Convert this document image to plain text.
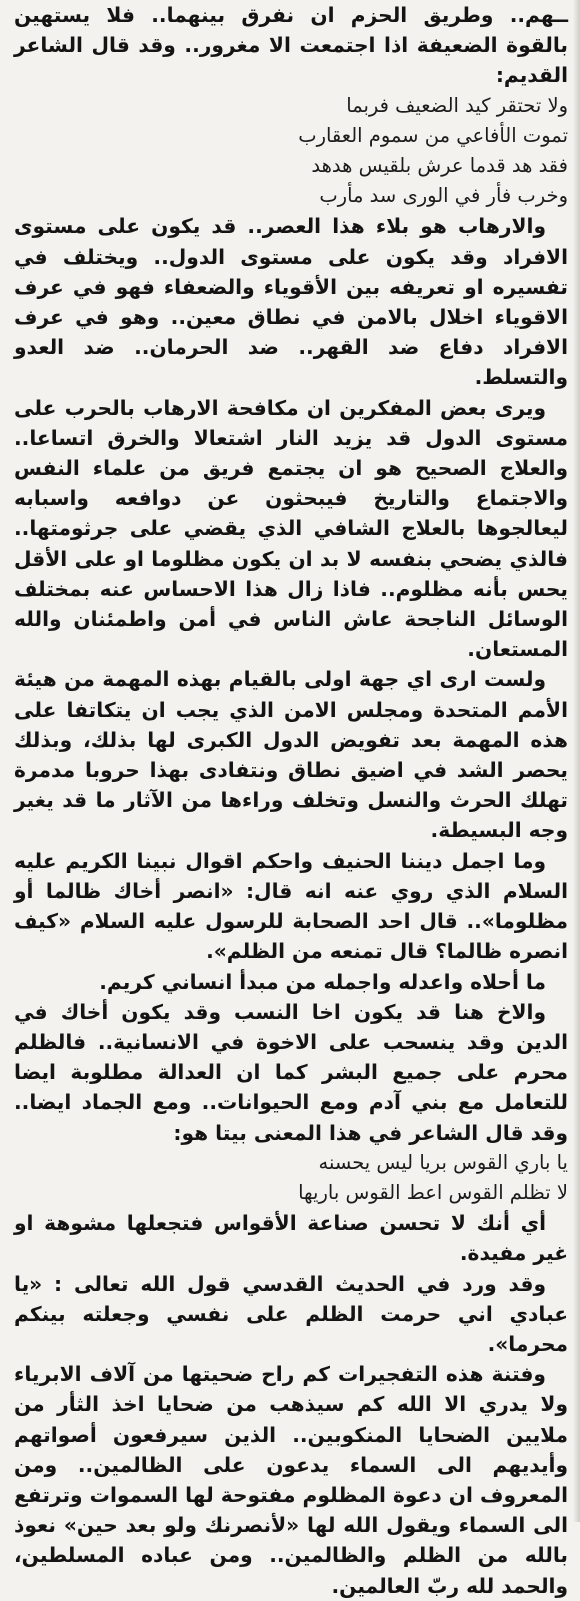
ــهم.. وطريق الحزم ان نفرق بينهما.. فلا يستهين بالقوة الضعيفة اذا اجتمعت الا مغرور.. وقد قال الشاعر القديم:

ولا تحتقر كيد الضعيف فربما

تموت الأفاعي من سموم العقارب

فقد هد قدما عرش بلقيس هدهد

وخرب فأر في الورى سد مأرب

والارهاب هو بلاء هذا العصر.. قد يكون على مستوى الافراد وقد يكون على مستوى الدول.. ويختلف في تفسيره او تعريفه بين الأقوياء والضعفاء فهو في عرف الاقوياء اخلال بالامن في نطاق معين.. وهو في عرف الافراد دفاع ضد القهر.. ضد الحرمان.. ضد العدو والتسلط.

ويرى بعض المفكرين ان مكافحة الارهاب بالحرب على مستوى الدول قد يزيد النار اشتعالا والخرق اتساعا.. والعلاج الصحيح هو ان يجتمع فريق من علماء النفس والاجتماع والتاريخ فيبحثون عن دوافعه واسبابه ليعالجوها بالعلاج الشافي الذي يقضي على جرثومتها.. فالذي يضحي بنفسه لا بد ان يكون مظلوما او على الأقل يحس بأنه مظلوم.. فاذا زال هذا الاحساس عنه بمختلف الوسائل الناجحة عاش الناس في أمن واطمئنان والله المستعان.

ولست ارى اي جهة اولى بالقيام بهذه المهمة من هيئة الأمم المتحدة ومجلس الامن الذي يجب ان يتكاتفا على هذه المهمة بعد تفويض الدول الكبرى لها بذلك، وبذلك يحصر الشد في اضيق نطاق ونتفادى بهذا حروبا مدمرة تهلك الحرث والنسل وتخلف وراءها من الآثار ما قد يغير وجه البسيطة.

وما اجمل ديننا الحنيف واحكم اقوال نبينا الكريم عليه السلام الذي روي عنه انه قال: «انصر أخاك ظالما أو مظلوما».. قال احد الصحابة للرسول عليه السلام «كيف انصره ظالما؟ قال تمنعه من الظلم».

ما أحلاه واعدله واجمله من مبدأ انساني كريم.

والاخ هنا قد يكون اخا النسب وقد يكون أخاك في الدين وقد ينسحب على الاخوة في الانسانية.. فالظلم محرم على جميع البشر كما ان العدالة مطلوبة ايضا للتعامل مع بني آدم ومع الحيوانات.. ومع الجماد ايضا.. وقد قال الشاعر في هذا المعنى بيتا هو:

يا باري القوس بريا ليس يحسنه

لا تظلم القوس اعط القوس باريها

أي أنك لا تحسن صناعة الأقواس فتجعلها مشوهة او غير مفيدة.

وقد ورد في الحديث القدسي قول الله تعالى : «يا عبادي اني حرمت الظلم على نفسي وجعلته بينكم محرما».

وفتنة هذه التفجيرات كم راح ضحيتها من آلاف الابرياء ولا يدري الا الله كم سيذهب من ضحايا اخذ الثأر من ملايين الضحايا المنكوبين.. الذين سيرفعون أصواتهم وأيديهم الى السماء يدعون على الظالمين.. ومن المعروف ان دعوة المظلوم مفتوحة لها السموات وترتفع الى السماء ويقول الله لها «لأنصرنك ولو بعد حين» نعوذ بالله من الظلم والظالمين.. ومن عباده المسلطين، والحمد لله ربّ العالمين.
